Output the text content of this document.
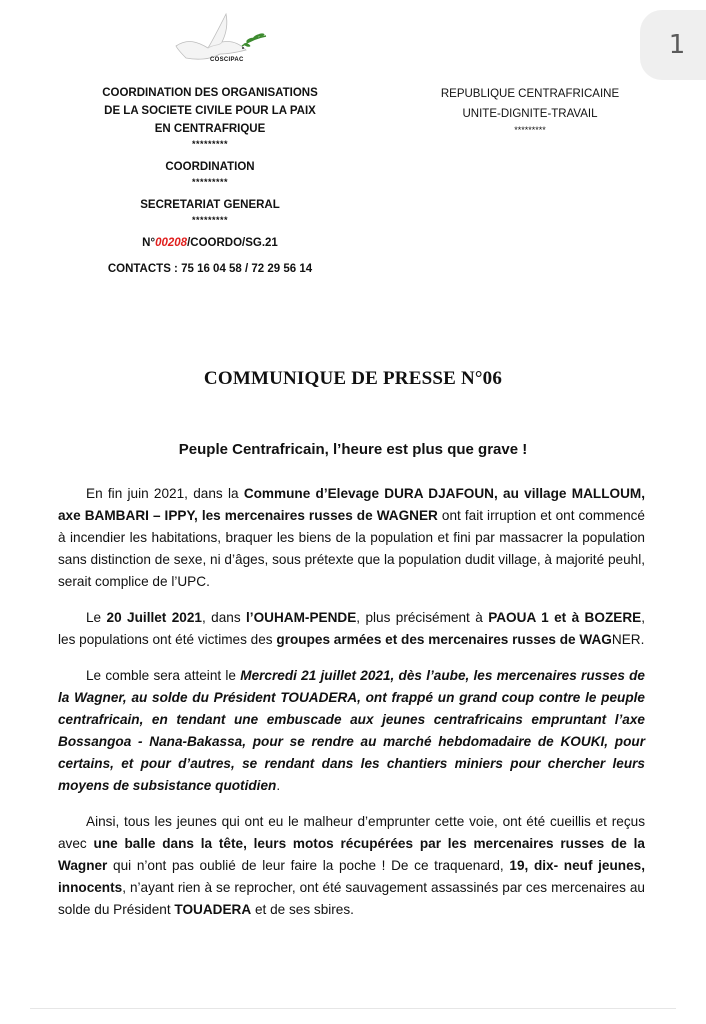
1
COSCIPAC
COORDINATION DES ORGANISATIONS
DE LA SOCIETE CIVILE POUR LA PAIX
EN CENTRAFRIQUE
*********
COORDINATION
*********
SECRETARIAT GENERAL
*********
N°00208/COORDO/SG.21
CONTACTS : 75 16 04 58 / 72 29 56 14
REPUBLIQUE CENTRAFRICAINE
UNITE-DIGNITE-TRAVAIL
*********
COMMUNIQUE DE PRESSE N°06
Peuple Centrafricain, l’heure est plus que grave !

En fin juin 2021, dans la Commune d’Elevage DURA DJAFOUN, au village MALLOUM, axe BAMBARI – IPPY, les mercenaires russes de WAGNER ont fait irruption et ont commencé à incendier les habitations, braquer les biens de la population et fini par massacrer la population sans distinction de sexe, ni d’âges, sous prétexte que la population dudit village, à majorité peuhl, serait complice de l’UPC.

Le 20 Juillet 2021, dans l’OUHAM-PENDE, plus précisément à PAOUA 1 et à BOZERE, les populations ont été victimes des groupes armées et des mercenaires russes de WAGNER.

Le comble sera atteint le Mercredi 21 juillet 2021, dès l’aube, les mercenaires russes de la Wagner, au solde du Président TOUADERA, ont frappé un grand coup contre le peuple centrafricain, en tendant une embuscade aux jeunes centrafricains empruntant l’axe Bossangoa - Nana-Bakassa, pour se rendre au marché hebdomadaire de KOUKI, pour certains, et pour d’autres, se rendant dans les chantiers miniers pour chercher leurs moyens de subsistance quotidien.

Ainsi, tous les jeunes qui ont eu le malheur d’emprunter cette voie, ont été cueillis et reçus avec une balle dans la tête, leurs motos récupérées par les mercenaires russes de la Wagner qui n’ont pas oublié de leur faire la poche ! De ce traquenard, 19, dix- neuf jeunes, innocents, n’ayant rien à se reprocher, ont été sauvagement assassinés par ces mercenaires au solde du Président TOUADERA et de ses sbires.
